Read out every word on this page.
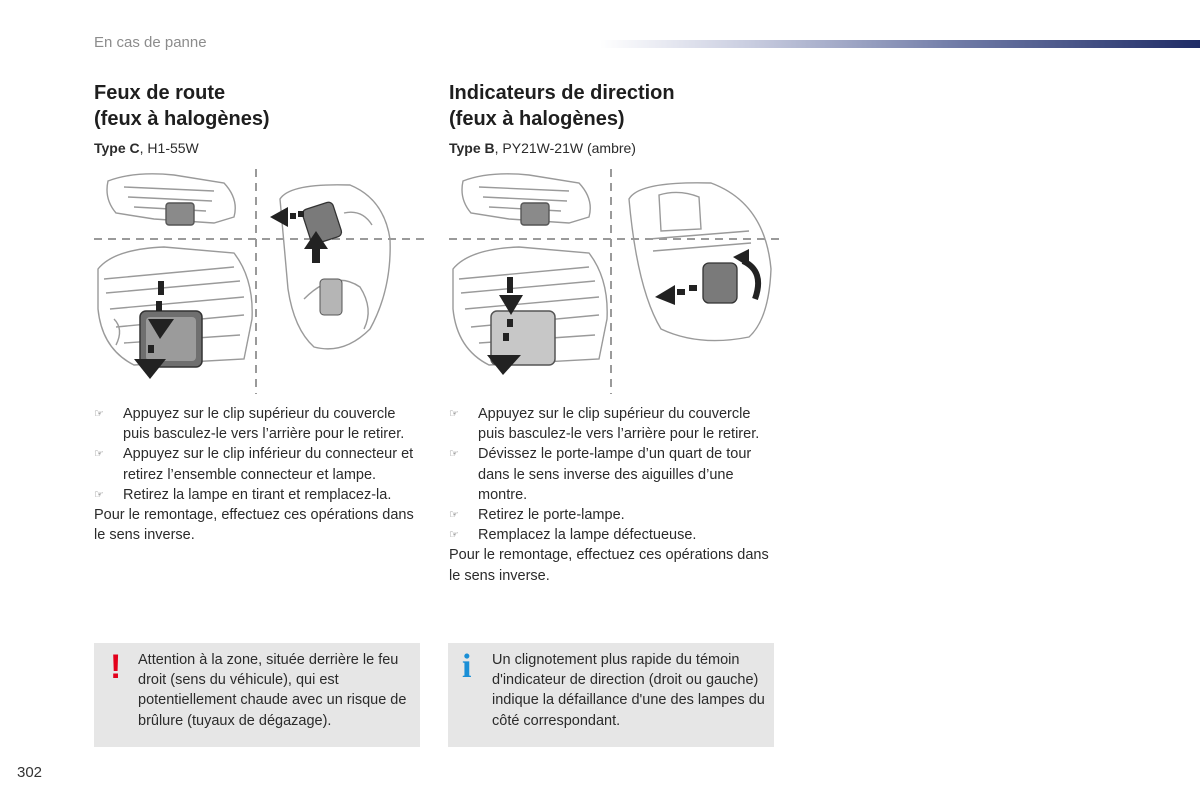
En cas de panne
Feux de route
(feux à halogènes)
Type C, H1-55W
☞ Appuyez sur le clip supérieur du couvercle puis basculez-le vers l’arrière pour le retirer.
☞ Appuyez sur le clip inférieur du connecteur et retirez l’ensemble connecteur et lampe.
☞ Retirez la lampe en tirant et remplacez-la.

Pour le remontage, effectuez ces opérations dans le sens inverse.

Indicateurs de direction
(feux à halogènes)
Type B, PY21W-21W (ambre)
☞ Appuyez sur le clip supérieur du couvercle puis basculez-le vers l’arrière pour le retirer.
☞ Dévissez le porte-lampe d’un quart de tour dans le sens inverse des aiguilles d’une montre.
☞ Retirez le porte-lampe.
☞ Remplacez la lampe défectueuse.

Pour le remontage, effectuez ces opérations dans le sens inverse.

! Attention à la zone, située derrière le feu droit (sens du véhicule), qui est potentiellement chaude avec un risque de brûlure (tuyaux de dégazage).
i Un clignotement plus rapide du témoin d'indicateur de direction (droit ou gauche) indique la défaillance d'une des lampes du côté correspondant.
302
